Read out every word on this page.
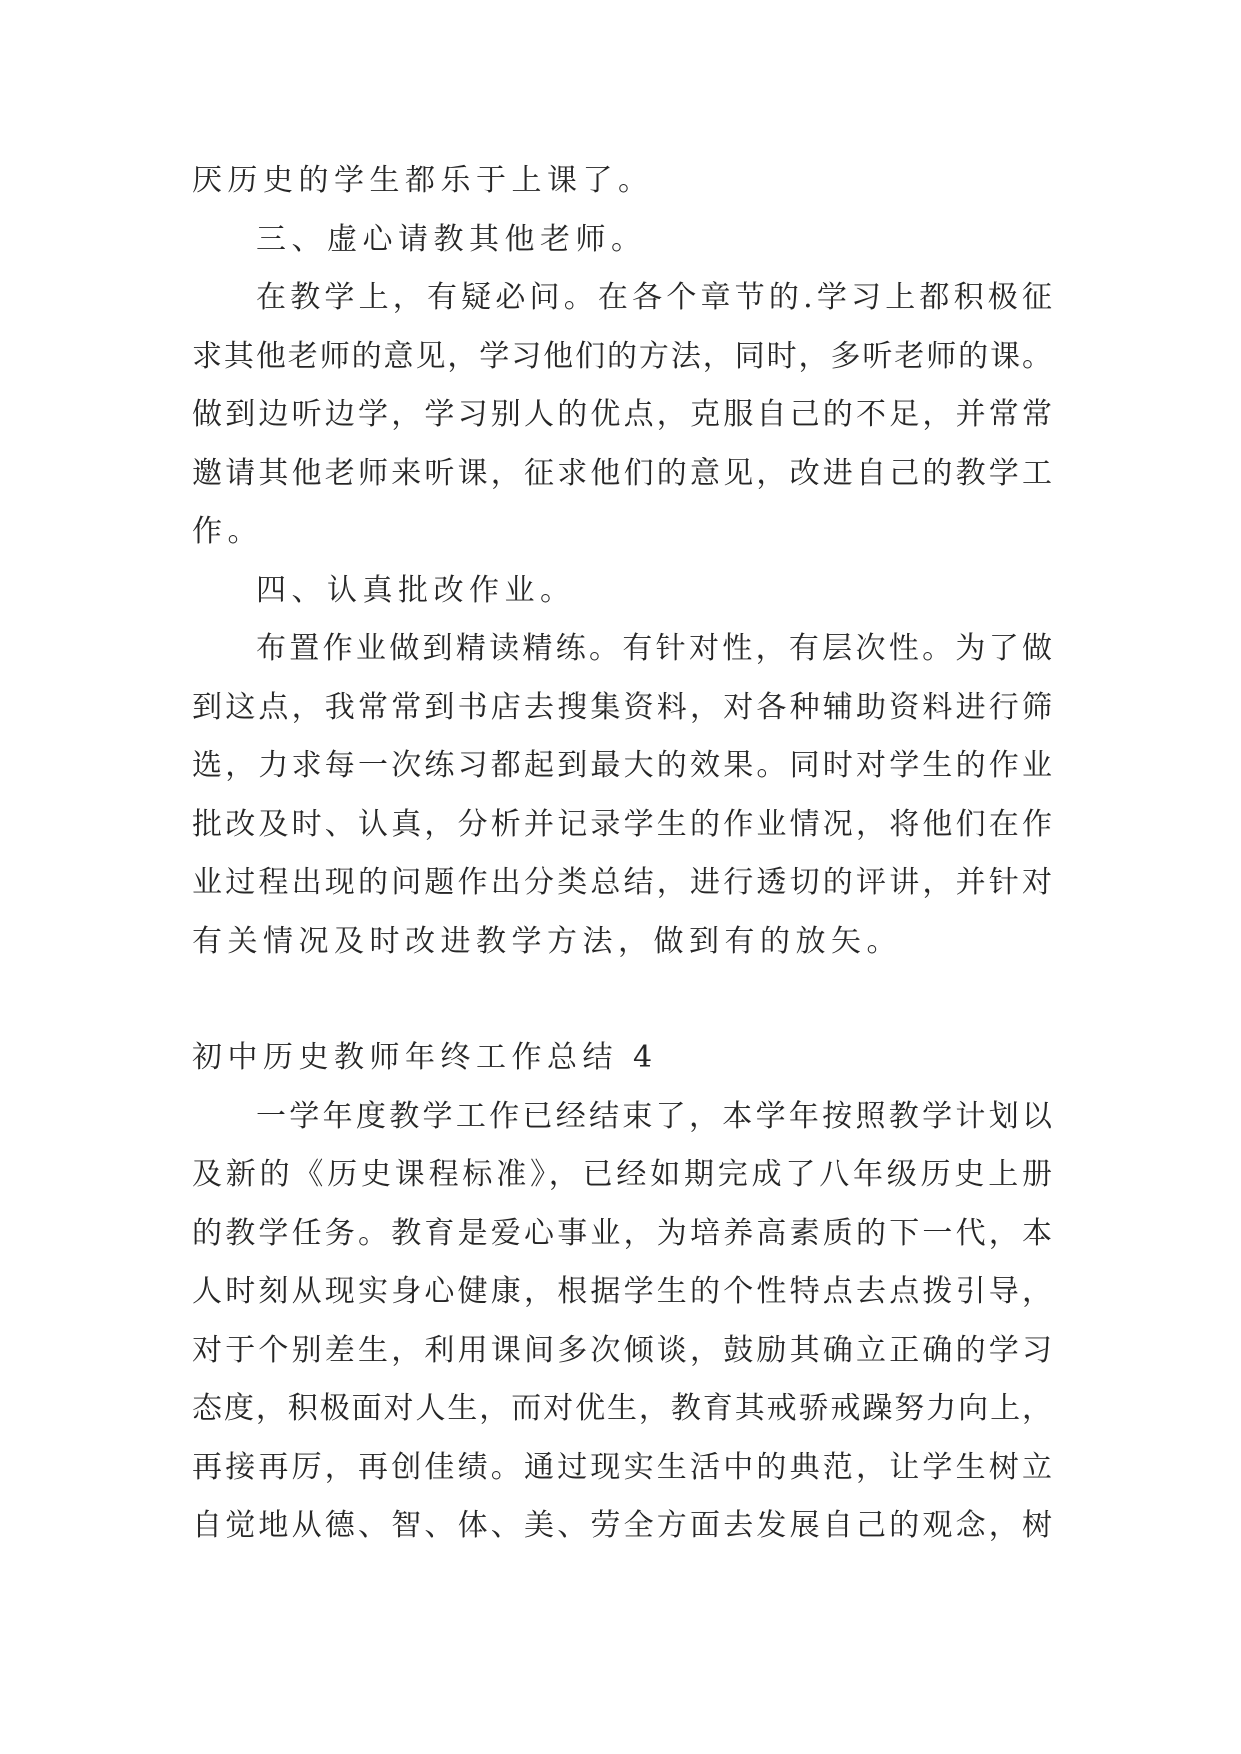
厌历史的学生都乐于上课了。
三、虚心请教其他老师。
在教学上，有疑必问。在各个章节的.学习上都积极征
求其他老师的意见，学习他们的方法，同时，多听老师的课。
做到边听边学，学习别人的优点，克服自己的不足，并常常
邀请其他老师来听课，征求他们的意见，改进自己的教学工
作。
四、认真批改作业。
布置作业做到精读精练。有针对性，有层次性。为了做
到这点，我常常到书店去搜集资料，对各种辅助资料进行筛
选，力求每一次练习都起到最大的效果。同时对学生的作业
批改及时、认真，分析并记录学生的作业情况，将他们在作
业过程出现的问题作出分类总结，进行透切的评讲，并针对
有关情况及时改进教学方法，做到有的放矢。
初中历史教师年终工作总结 4
一学年度教学工作已经结束了，本学年按照教学计划以
及新的《历史课程标准》，已经如期完成了八年级历史上册
的教学任务。教育是爱心事业，为培养高素质的下一代，本
人时刻从现实身心健康，根据学生的个性特点去点拨引导，
对于个别差生，利用课间多次倾谈，鼓励其确立正确的学习
态度，积极面对人生，而对优生，教育其戒骄戒躁努力向上，
再接再厉，再创佳绩。通过现实生活中的典范，让学生树立
自觉地从德、智、体、美、劳全方面去发展自己的观念，树
